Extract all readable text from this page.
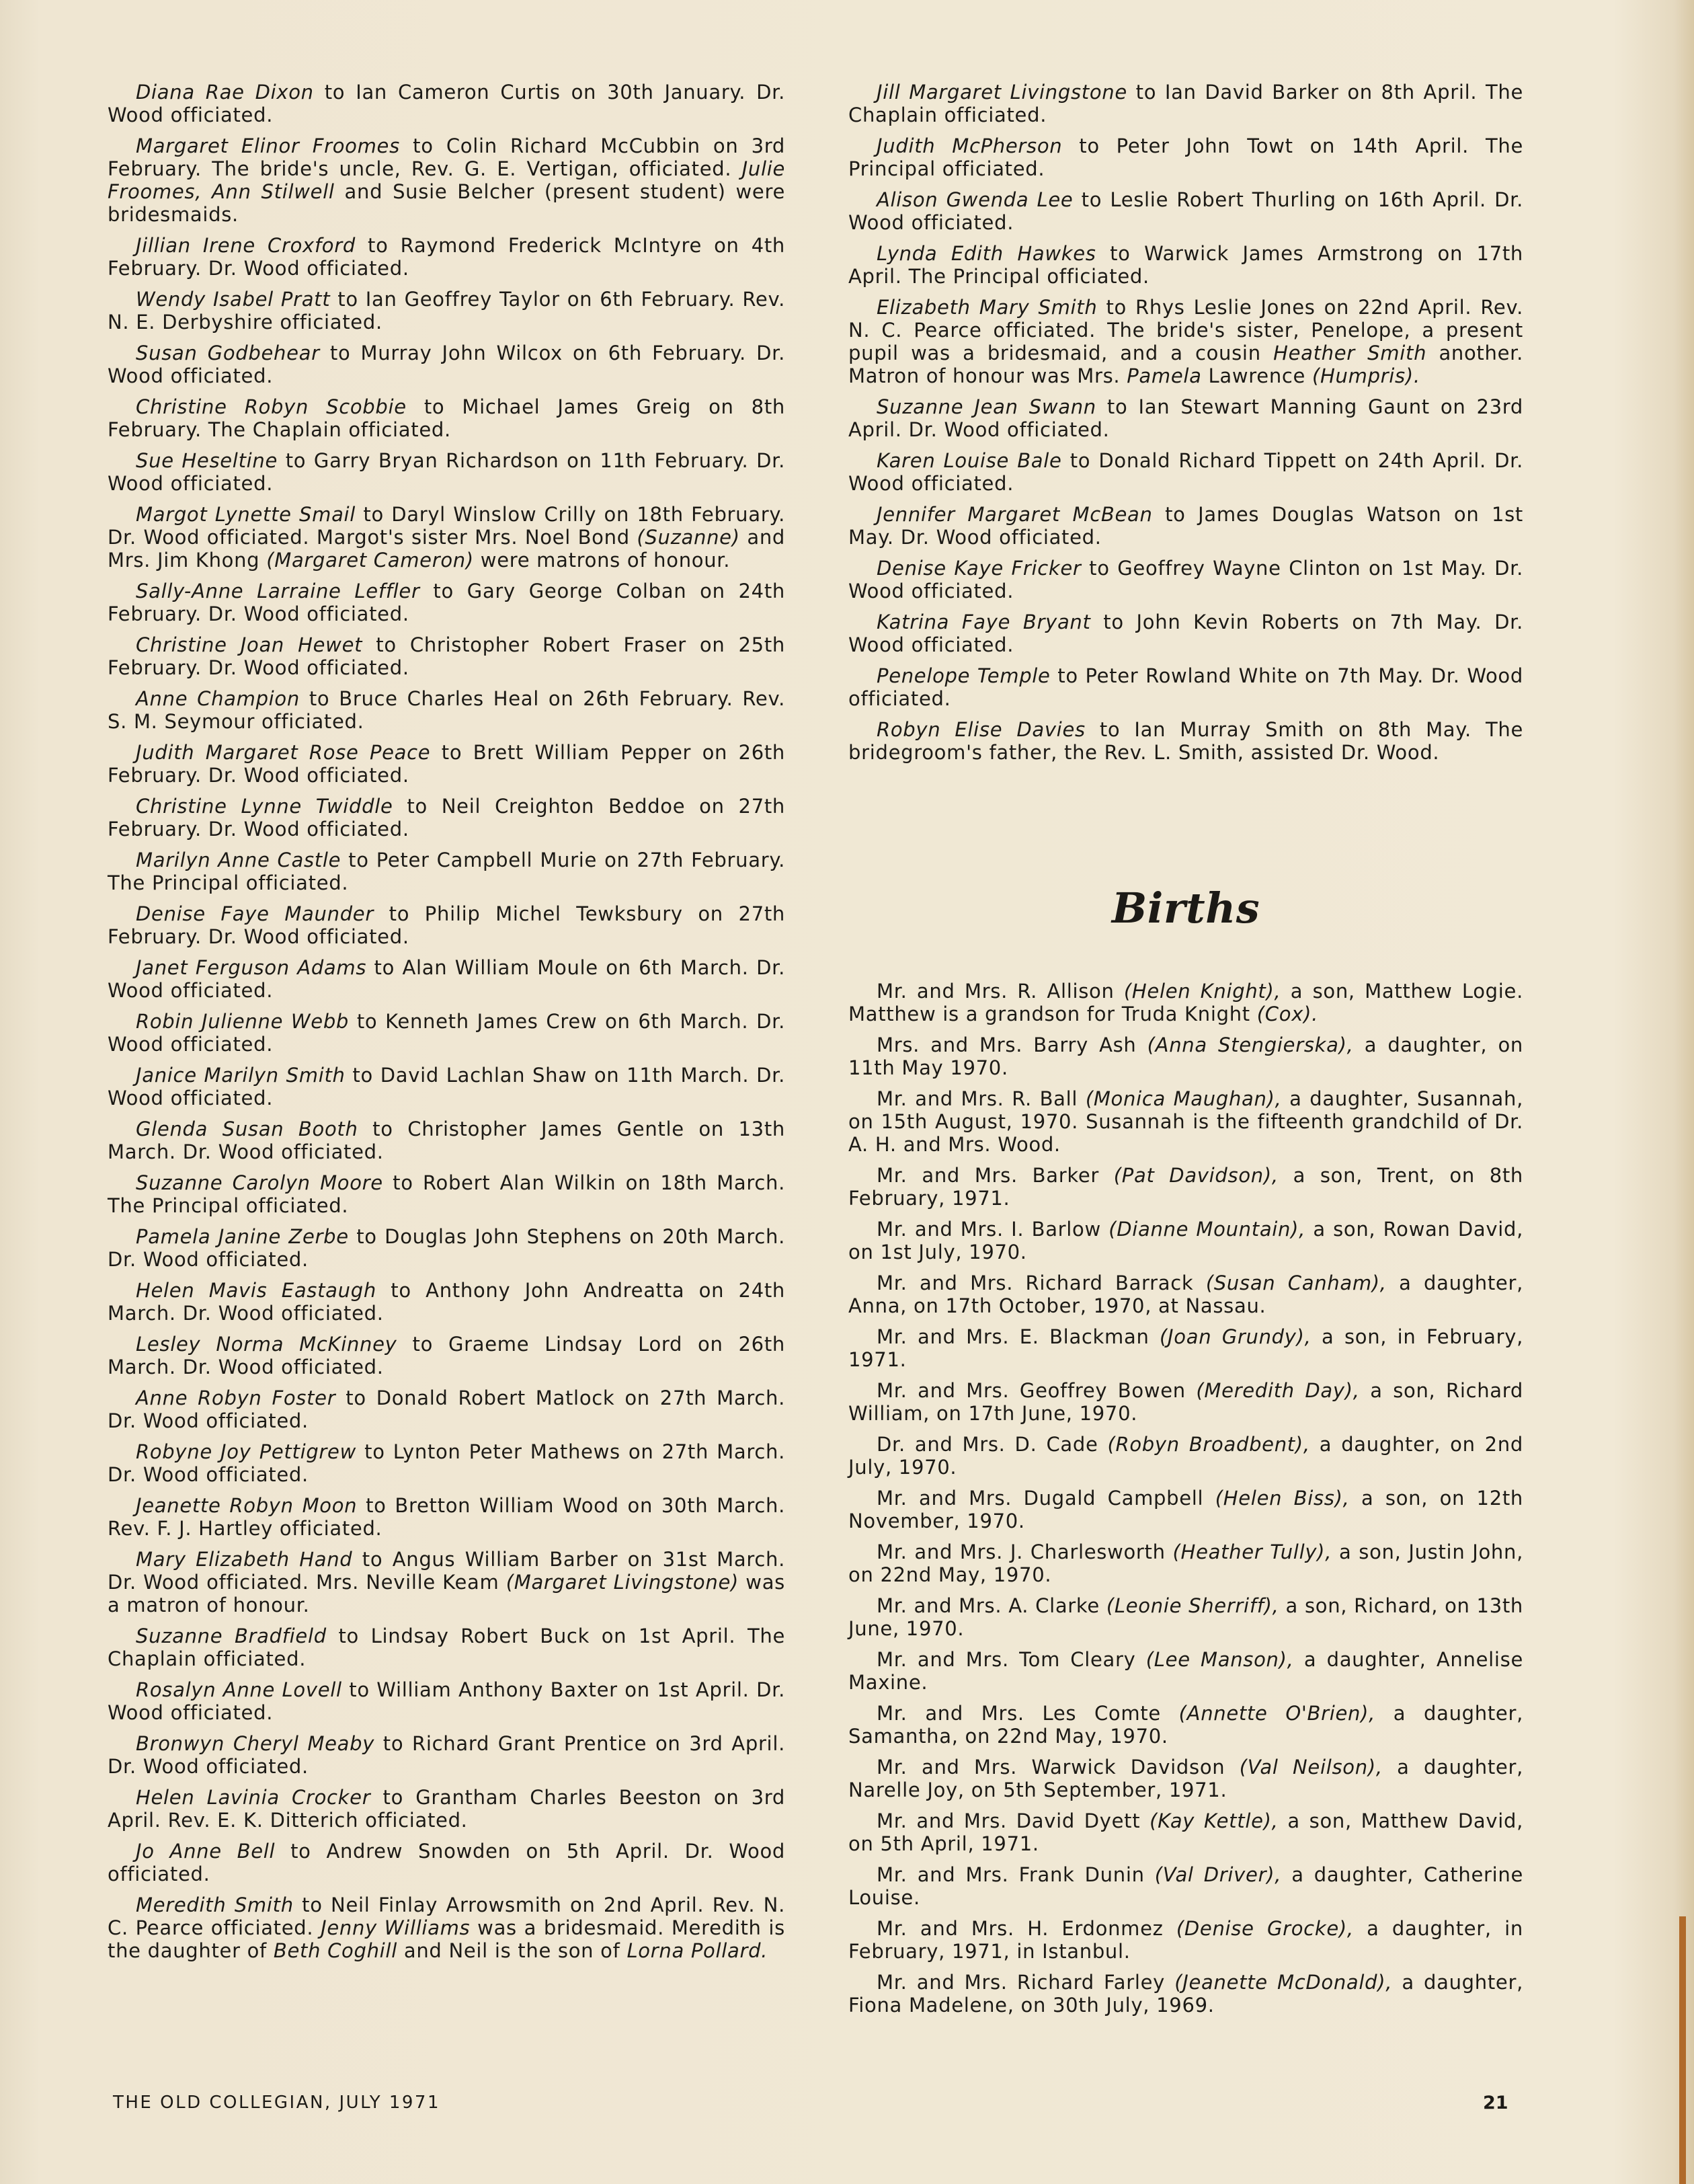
Diana Rae Dixon to Ian Cameron Curtis on 30th January. Dr. Wood officiated.

Margaret Elinor Froomes to Colin Richard McCubbin on 3rd February. The bride's uncle, Rev. G. E. Vertigan, officiated. Julie Froomes, Ann Stilwell and Susie Belcher (present student) were bridesmaids.

Jillian Irene Croxford to Raymond Frederick McIntyre on 4th February. Dr. Wood officiated.

Wendy Isabel Pratt to Ian Geoffrey Taylor on 6th February. Rev. N. E. Derbyshire officiated.

Susan Godbehear to Murray John Wilcox on 6th February. Dr. Wood officiated.

Christine Robyn Scobbie to Michael James Greig on 8th February. The Chaplain officiated.

Sue Heseltine to Garry Bryan Richardson on 11th February. Dr. Wood officiated.

Margot Lynette Smail to Daryl Winslow Crilly on 18th February. Dr. Wood officiated. Margot's sister Mrs. Noel Bond (Suzanne) and Mrs. Jim Khong (Margaret Cameron) were matrons of honour.

Sally-Anne Larraine Leffler to Gary George Colban on 24th February. Dr. Wood officiated.

Christine Joan Hewet to Christopher Robert Fraser on 25th February. Dr. Wood officiated.

Anne Champion to Bruce Charles Heal on 26th February. Rev. S. M. Seymour officiated.

Judith Margaret Rose Peace to Brett William Pepper on 26th February. Dr. Wood officiated.

Christine Lynne Twiddle to Neil Creighton Beddoe on 27th February. Dr. Wood officiated.

Marilyn Anne Castle to Peter Campbell Murie on 27th February. The Principal officiated.

Denise Faye Maunder to Philip Michel Tewksbury on 27th February. Dr. Wood officiated.

Janet Ferguson Adams to Alan William Moule on 6th March. Dr. Wood officiated.

Robin Julienne Webb to Kenneth James Crew on 6th March. Dr. Wood officiated.

Janice Marilyn Smith to David Lachlan Shaw on 11th March. Dr. Wood officiated.

Glenda Susan Booth to Christopher James Gentle on 13th March. Dr. Wood officiated.

Suzanne Carolyn Moore to Robert Alan Wilkin on 18th March. The Principal officiated.

Pamela Janine Zerbe to Douglas John Stephens on 20th March. Dr. Wood officiated.

Helen Mavis Eastaugh to Anthony John Andreatta on 24th March. Dr. Wood officiated.

Lesley Norma McKinney to Graeme Lindsay Lord on 26th March. Dr. Wood officiated.

Anne Robyn Foster to Donald Robert Matlock on 27th March. Dr. Wood officiated.

Robyne Joy Pettigrew to Lynton Peter Mathews on 27th March. Dr. Wood officiated.

Jeanette Robyn Moon to Bretton William Wood on 30th March. Rev. F. J. Hartley officiated.

Mary Elizabeth Hand to Angus William Barber on 31st March. Dr. Wood officiated. Mrs. Neville Keam (Margaret Livingstone) was a matron of honour.

Suzanne Bradfield to Lindsay Robert Buck on 1st April. The Chaplain officiated.

Rosalyn Anne Lovell to William Anthony Baxter on 1st April. Dr. Wood officiated.

Bronwyn Cheryl Meaby to Richard Grant Prentice on 3rd April. Dr. Wood officiated.

Helen Lavinia Crocker to Grantham Charles Beeston on 3rd April. Rev. E. K. Ditterich officiated.

Jo Anne Bell to Andrew Snowden on 5th April. Dr. Wood officiated.

Meredith Smith to Neil Finlay Arrowsmith on 2nd April. Rev. N. C. Pearce officiated. Jenny Williams was a bridesmaid. Meredith is the daughter of Beth Coghill and Neil is the son of Lorna Pollard.

Jill Margaret Livingstone to Ian David Barker on 8th April. The Chaplain officiated.

Judith McPherson to Peter John Towt on 14th April. The Principal officiated.

Alison Gwenda Lee to Leslie Robert Thurling on 16th April. Dr. Wood officiated.

Lynda Edith Hawkes to Warwick James Armstrong on 17th April. The Principal officiated.

Elizabeth Mary Smith to Rhys Leslie Jones on 22nd April. Rev. N. C. Pearce officiated. The bride's sister, Penelope, a present pupil was a bridesmaid, and a cousin Heather Smith another. Matron of honour was Mrs. Pamela Lawrence (Humpris).

Suzanne Jean Swann to Ian Stewart Manning Gaunt on 23rd April. Dr. Wood officiated.

Karen Louise Bale to Donald Richard Tippett on 24th April. Dr. Wood officiated.

Jennifer Margaret McBean to James Douglas Watson on 1st May. Dr. Wood officiated.

Denise Kaye Fricker to Geoffrey Wayne Clinton on 1st May. Dr. Wood officiated.

Katrina Faye Bryant to John Kevin Roberts on 7th May. Dr. Wood officiated.

Penelope Temple to Peter Rowland White on 7th May. Dr. Wood officiated.

Robyn Elise Davies to Ian Murray Smith on 8th May. The bridegroom's father, the Rev. L. Smith, assisted Dr. Wood.

Births

Mr. and Mrs. R. Allison (Helen Knight), a son, Matthew Logie. Matthew is a grandson for Truda Knight (Cox).

Mrs. and Mrs. Barry Ash (Anna Stengierska), a daughter, on 11th May 1970.

Mr. and Mrs. R. Ball (Monica Maughan), a daughter, Susannah, on 15th August, 1970. Susannah is the fifteenth grandchild of Dr. A. H. and Mrs. Wood.

Mr. and Mrs. Barker (Pat Davidson), a son, Trent, on 8th February, 1971.

Mr. and Mrs. I. Barlow (Dianne Mountain), a son, Rowan David, on 1st July, 1970.

Mr. and Mrs. Richard Barrack (Susan Canham), a daughter, Anna, on 17th October, 1970, at Nassau.

Mr. and Mrs. E. Blackman (Joan Grundy), a son, in February, 1971.

Mr. and Mrs. Geoffrey Bowen (Meredith Day), a son, Richard William, on 17th June, 1970.

Dr. and Mrs. D. Cade (Robyn Broadbent), a daughter, on 2nd July, 1970.

Mr. and Mrs. Dugald Campbell (Helen Biss), a son, on 12th November, 1970.

Mr. and Mrs. J. Charlesworth (Heather Tully), a son, Justin John, on 22nd May, 1970.

Mr. and Mrs. A. Clarke (Leonie Sherriff), a son, Richard, on 13th June, 1970.

Mr. and Mrs. Tom Cleary (Lee Manson), a daughter, Annelise Maxine.

Mr. and Mrs. Les Comte (Annette O'Brien), a daughter, Samantha, on 22nd May, 1970.

Mr. and Mrs. Warwick Davidson (Val Neilson), a daughter, Narelle Joy, on 5th September, 1971.

Mr. and Mrs. David Dyett (Kay Kettle), a son, Matthew David, on 5th April, 1971.

Mr. and Mrs. Frank Dunin (Val Driver), a daughter, Catherine Louise.

Mr. and Mrs. H. Erdonmez (Denise Grocke), a daughter, in February, 1971, in Istanbul.

Mr. and Mrs. Richard Farley (Jeanette McDonald), a daughter, Fiona Madelene, on 30th July, 1969.

THE OLD COLLEGIAN, JULY 1971	21
